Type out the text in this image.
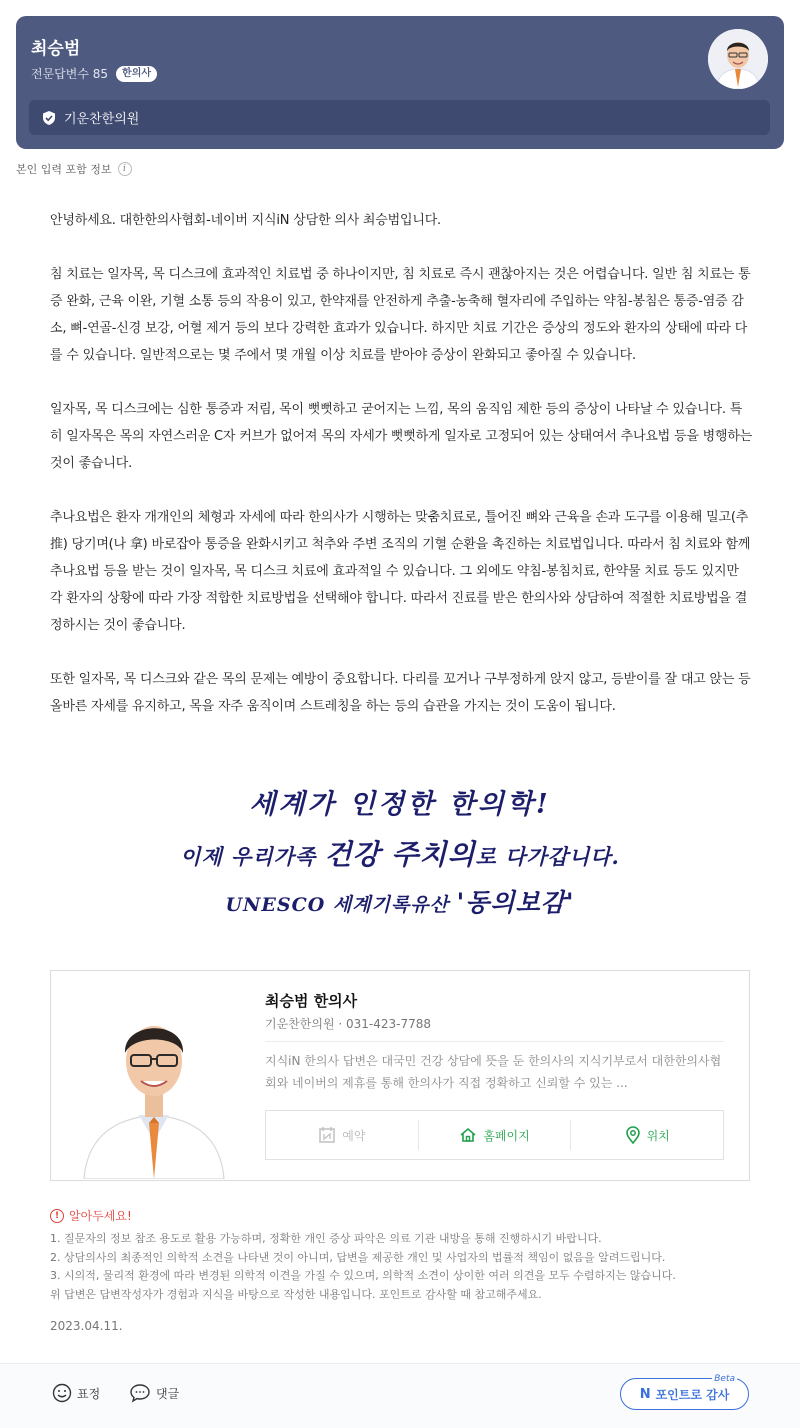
최승범
전문답변수 85	한의사
기운찬한의원
본인 입력 포함 정보	i

안녕하세요. 대한한의사협회-네이버 지식iN 상담한 의사 최승범입니다.

침 치료는 일자목, 목 디스크에 효과적인 치료법 중 하나이지만, 침 치료로 즉시 괜찮아지는 것은 어렵습니다. 일반 침 치료는 통증 완화, 근육 이완, 기혈 소통 등의 작용이 있고, 한약재를 안전하게 추출-농축해 혈자리에 주입하는 약침-봉침은 통증-염증 감소, 뼈-연골-신경 보강, 어혈 제거 등의 보다 강력한 효과가 있습니다. 하지만 치료 기간은 증상의 정도와 환자의 상태에 따라 다를 수 있습니다. 일반적으로는 몇 주에서 몇 개월 이상 치료를 받아야 증상이 완화되고 좋아질 수 있습니다.

일자목, 목 디스크에는 심한 통증과 저림, 목이 뻣뻣하고 굳어지는 느낌, 목의 움직임 제한 등의 증상이 나타날 수 있습니다. 특히 일자목은 목의 자연스러운 C자 커브가 없어져 목의 자세가 뻣뻣하게 일자로 고정되어 있는 상태여서 추나요법 등을 병행하는 것이 좋습니다.

추나요법은 환자 개개인의 체형과 자세에 따라 한의사가 시행하는 맞춤치료로, 틀어진 뼈와 근육을 손과 도구를 이용해 밀고(추 推) 당기며(나 拿) 바로잡아 통증을 완화시키고 척추와 주변 조직의 기혈 순환을 촉진하는 치료법입니다. 따라서 침 치료와 함께 추나요법 등을 받는 것이 일자목, 목 디스크 치료에 효과적일 수 있습니다. 그 외에도 약침-봉침치료, 한약물 치료 등도 있지만 각 환자의 상황에 따라 가장 적합한 치료방법을 선택해야 합니다. 따라서 진료를 받은 한의사와 상담하여 적절한 치료방법을 결정하시는 것이 좋습니다.

또한 일자목, 목 디스크와 같은 목의 문제는 예방이 중요합니다. 다리를 꼬거나 구부정하게 앉지 않고, 등받이를 잘 대고 앉는 등 올바른 자세를 유지하고, 목을 자주 움직이며 스트레칭을 하는 등의 습관을 가지는 것이 도움이 됩니다.

세계가 인정한 한의학!
이제 우리가족 건강 주치의로 다가갑니다.
UNESCO 세계기록유산 '동의보감'
최승범 한의사
기운찬한의원 · 031-423-7788
지식iN 한의사 답변은 대국민 건강 상담에 뜻을 둔 한의사의 지식기부로서 대한한의사협회와 네이버의 제휴를 통해 한의사가 직접 정확하고 신뢰할 수 있는 ...
예약	홈페이지	위치
! 알아두세요!
1. 질문자의 정보 참조 용도로 활용 가능하며, 정확한 개인 증상 파악은 의료 기관 내방을 통해 진행하시기 바랍니다.
2. 상담의사의 최종적인 의학적 소견을 나타낸 것이 아니며, 답변을 제공한 개인 및 사업자의 법률적 책임이 없음을 알려드립니다.
3. 시의적, 물리적 환경에 따라 변경된 의학적 이견을 가질 수 있으며, 의학적 소견이 상이한 여러 의견을 모두 수렴하지는 않습니다.
위 답변은 답변작성자가 경험과 지식을 바탕으로 작성한 내용입니다. 포인트로 감사할 때 참고해주세요.
2023.04.11.
표정	댓글	N 포인트로 감사
Beta
